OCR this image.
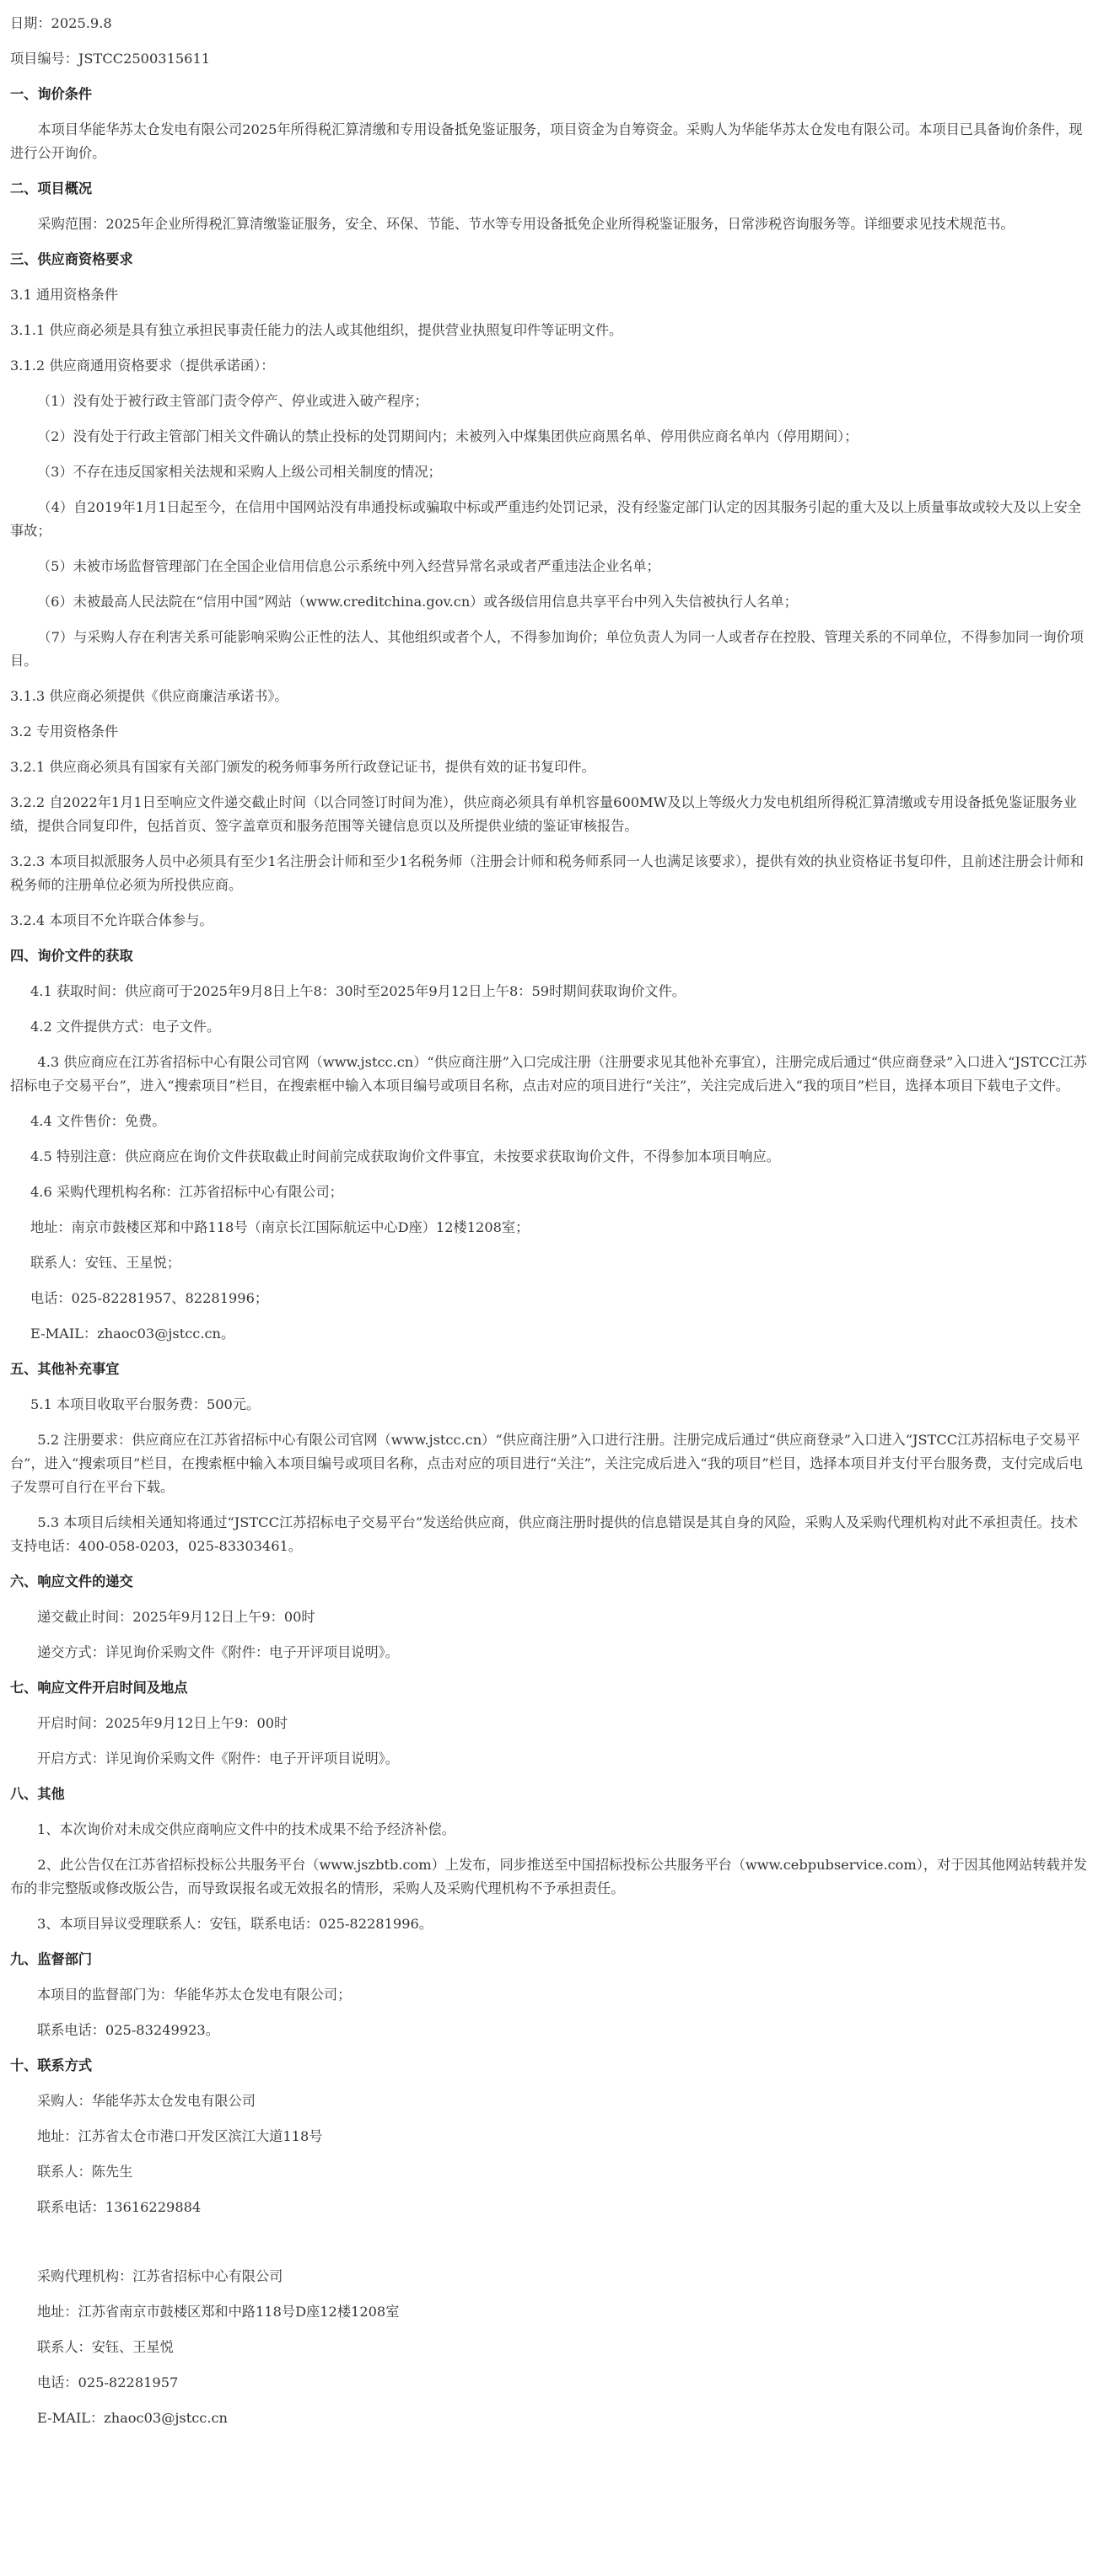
日期：2025.9.8
项目编号：JSTCC2500315611
一、询价条件
本项目华能华苏太仓发电有限公司2025年所得税汇算清缴和专用设备抵免鉴证服务，项目资金为自筹资金。采购人为华能华苏太仓发电有限公司。本项目已具备询价条件，现进行公开询价。
二、项目概况
采购范围：2025年企业所得税汇算清缴鉴证服务，安全、环保、节能、节水等专用设备抵免企业所得税鉴证服务，日常涉税咨询服务等。详细要求见技术规范书。
三、供应商资格要求
3.1 通用资格条件
3.1.1 供应商必须是具有独立承担民事责任能力的法人或其他组织，提供营业执照复印件等证明文件。
3.1.2 供应商通用资格要求（提供承诺函）：
（1）没有处于被行政主管部门责令停产、停业或进入破产程序；
（2）没有处于行政主管部门相关文件确认的禁止投标的处罚期间内；未被列入中煤集团供应商黑名单、停用供应商名单内（停用期间）；
（3）不存在违反国家相关法规和采购人上级公司相关制度的情况；
（4）自2019年1月1日起至今，在信用中国网站没有串通投标或骗取中标或严重违约处罚记录，没有经鉴定部门认定的因其服务引起的重大及以上质量事故或较大及以上安全事故；
（5）未被市场监督管理部门在全国企业信用信息公示系统中列入经营异常名录或者严重违法企业名单；
（6）未被最高人民法院在“信用中国”网站（www.creditchina.gov.cn）或各级信用信息共享平台中列入失信被执行人名单；
（7）与采购人存在利害关系可能影响采购公正性的法人、其他组织或者个人，不得参加询价；单位负责人为同一人或者存在控股、管理关系的不同单位，不得参加同一询价项目。
3.1.3 供应商必须提供《供应商廉洁承诺书》。
3.2 专用资格条件
3.2.1 供应商必须具有国家有关部门颁发的税务师事务所行政登记证书，提供有效的证书复印件。
3.2.2 自2022年1月1日至响应文件递交截止时间（以合同签订时间为准），供应商必须具有单机容量600MW及以上等级火力发电机组所得税汇算清缴或专用设备抵免鉴证服务业绩，提供合同复印件，包括首页、签字盖章页和服务范围等关键信息页以及所提供业绩的鉴证审核报告。
3.2.3 本项目拟派服务人员中必须具有至少1名注册会计师和至少1名税务师（注册会计师和税务师系同一人也满足该要求），提供有效的执业资格证书复印件，且前述注册会计师和税务师的注册单位必须为所投供应商。
3.2.4 本项目不允许联合体参与。
四、询价文件的获取
4.1 获取时间：供应商可于2025年9月8日上午8：30时至2025年9月12日上午8：59时期间获取询价文件。
4.2 文件提供方式：电子文件。
4.3 供应商应在江苏省招标中心有限公司官网（www.jstcc.cn）“供应商注册”入口完成注册（注册要求见其他补充事宜），注册完成后通过“供应商登录”入口进入“JSTCC江苏招标电子交易平台”，进入“搜索项目”栏目，在搜索框中输入本项目编号或项目名称，点击对应的项目进行“关注”，关注完成后进入“我的项目”栏目，选择本项目下载电子文件。
4.4 文件售价：免费。
4.5 特别注意：供应商应在询价文件获取截止时间前完成获取询价文件事宜，未按要求获取询价文件，不得参加本项目响应。
4.6 采购代理机构名称：江苏省招标中心有限公司；
地址：南京市鼓楼区郑和中路118号（南京长江国际航运中心D座）12楼1208室；
联系人：安钰、王星悦；
电话：025-82281957、82281996；
E-MAIL：zhaoc03@jstcc.cn。
五、其他补充事宜
5.1 本项目收取平台服务费：500元。
5.2 注册要求：供应商应在江苏省招标中心有限公司官网（www.jstcc.cn）“供应商注册”入口进行注册。注册完成后通过“供应商登录”入口进入“JSTCC江苏招标电子交易平台”，进入“搜索项目”栏目，在搜索框中输入本项目编号或项目名称，点击对应的项目进行“关注”，关注完成后进入“我的项目”栏目，选择本项目并支付平台服务费，支付完成后电子发票可自行在平台下载。
5.3 本项目后续相关通知将通过“JSTCC江苏招标电子交易平台”发送给供应商，供应商注册时提供的信息错误是其自身的风险，采购人及采购代理机构对此不承担责任。技术支持电话：400-058-0203，025-83303461。
六、响应文件的递交
递交截止时间：2025年9月12日上午9：00时
递交方式：详见询价采购文件《附件：电子开评项目说明》。
七、响应文件开启时间及地点
开启时间：2025年9月12日上午9：00时
开启方式：详见询价采购文件《附件：电子开评项目说明》。
八、其他
1、本次询价对未成交供应商响应文件中的技术成果不给予经济补偿。
2、此公告仅在江苏省招标投标公共服务平台（www.jszbtb.com）上发布，同步推送至中国招标投标公共服务平台（www.cebpubservice.com），对于因其他网站转载并发布的非完整版或修改版公告，而导致误报名或无效报名的情形，采购人及采购代理机构不予承担责任。
3、本项目异议受理联系人：安钰，联系电话：025-82281996。
九、监督部门
本项目的监督部门为：华能华苏太仓发电有限公司；
联系电话：025-83249923。
十、联系方式
采购人：华能华苏太仓发电有限公司
地址：江苏省太仓市港口开发区滨江大道118号
联系人：陈先生
联系电话：13616229884
采购代理机构：江苏省招标中心有限公司
地址：江苏省南京市鼓楼区郑和中路118号D座12楼1208室
联系人：安钰、王星悦
电话：025-82281957
E-MAIL：zhaoc03@jstcc.cn
